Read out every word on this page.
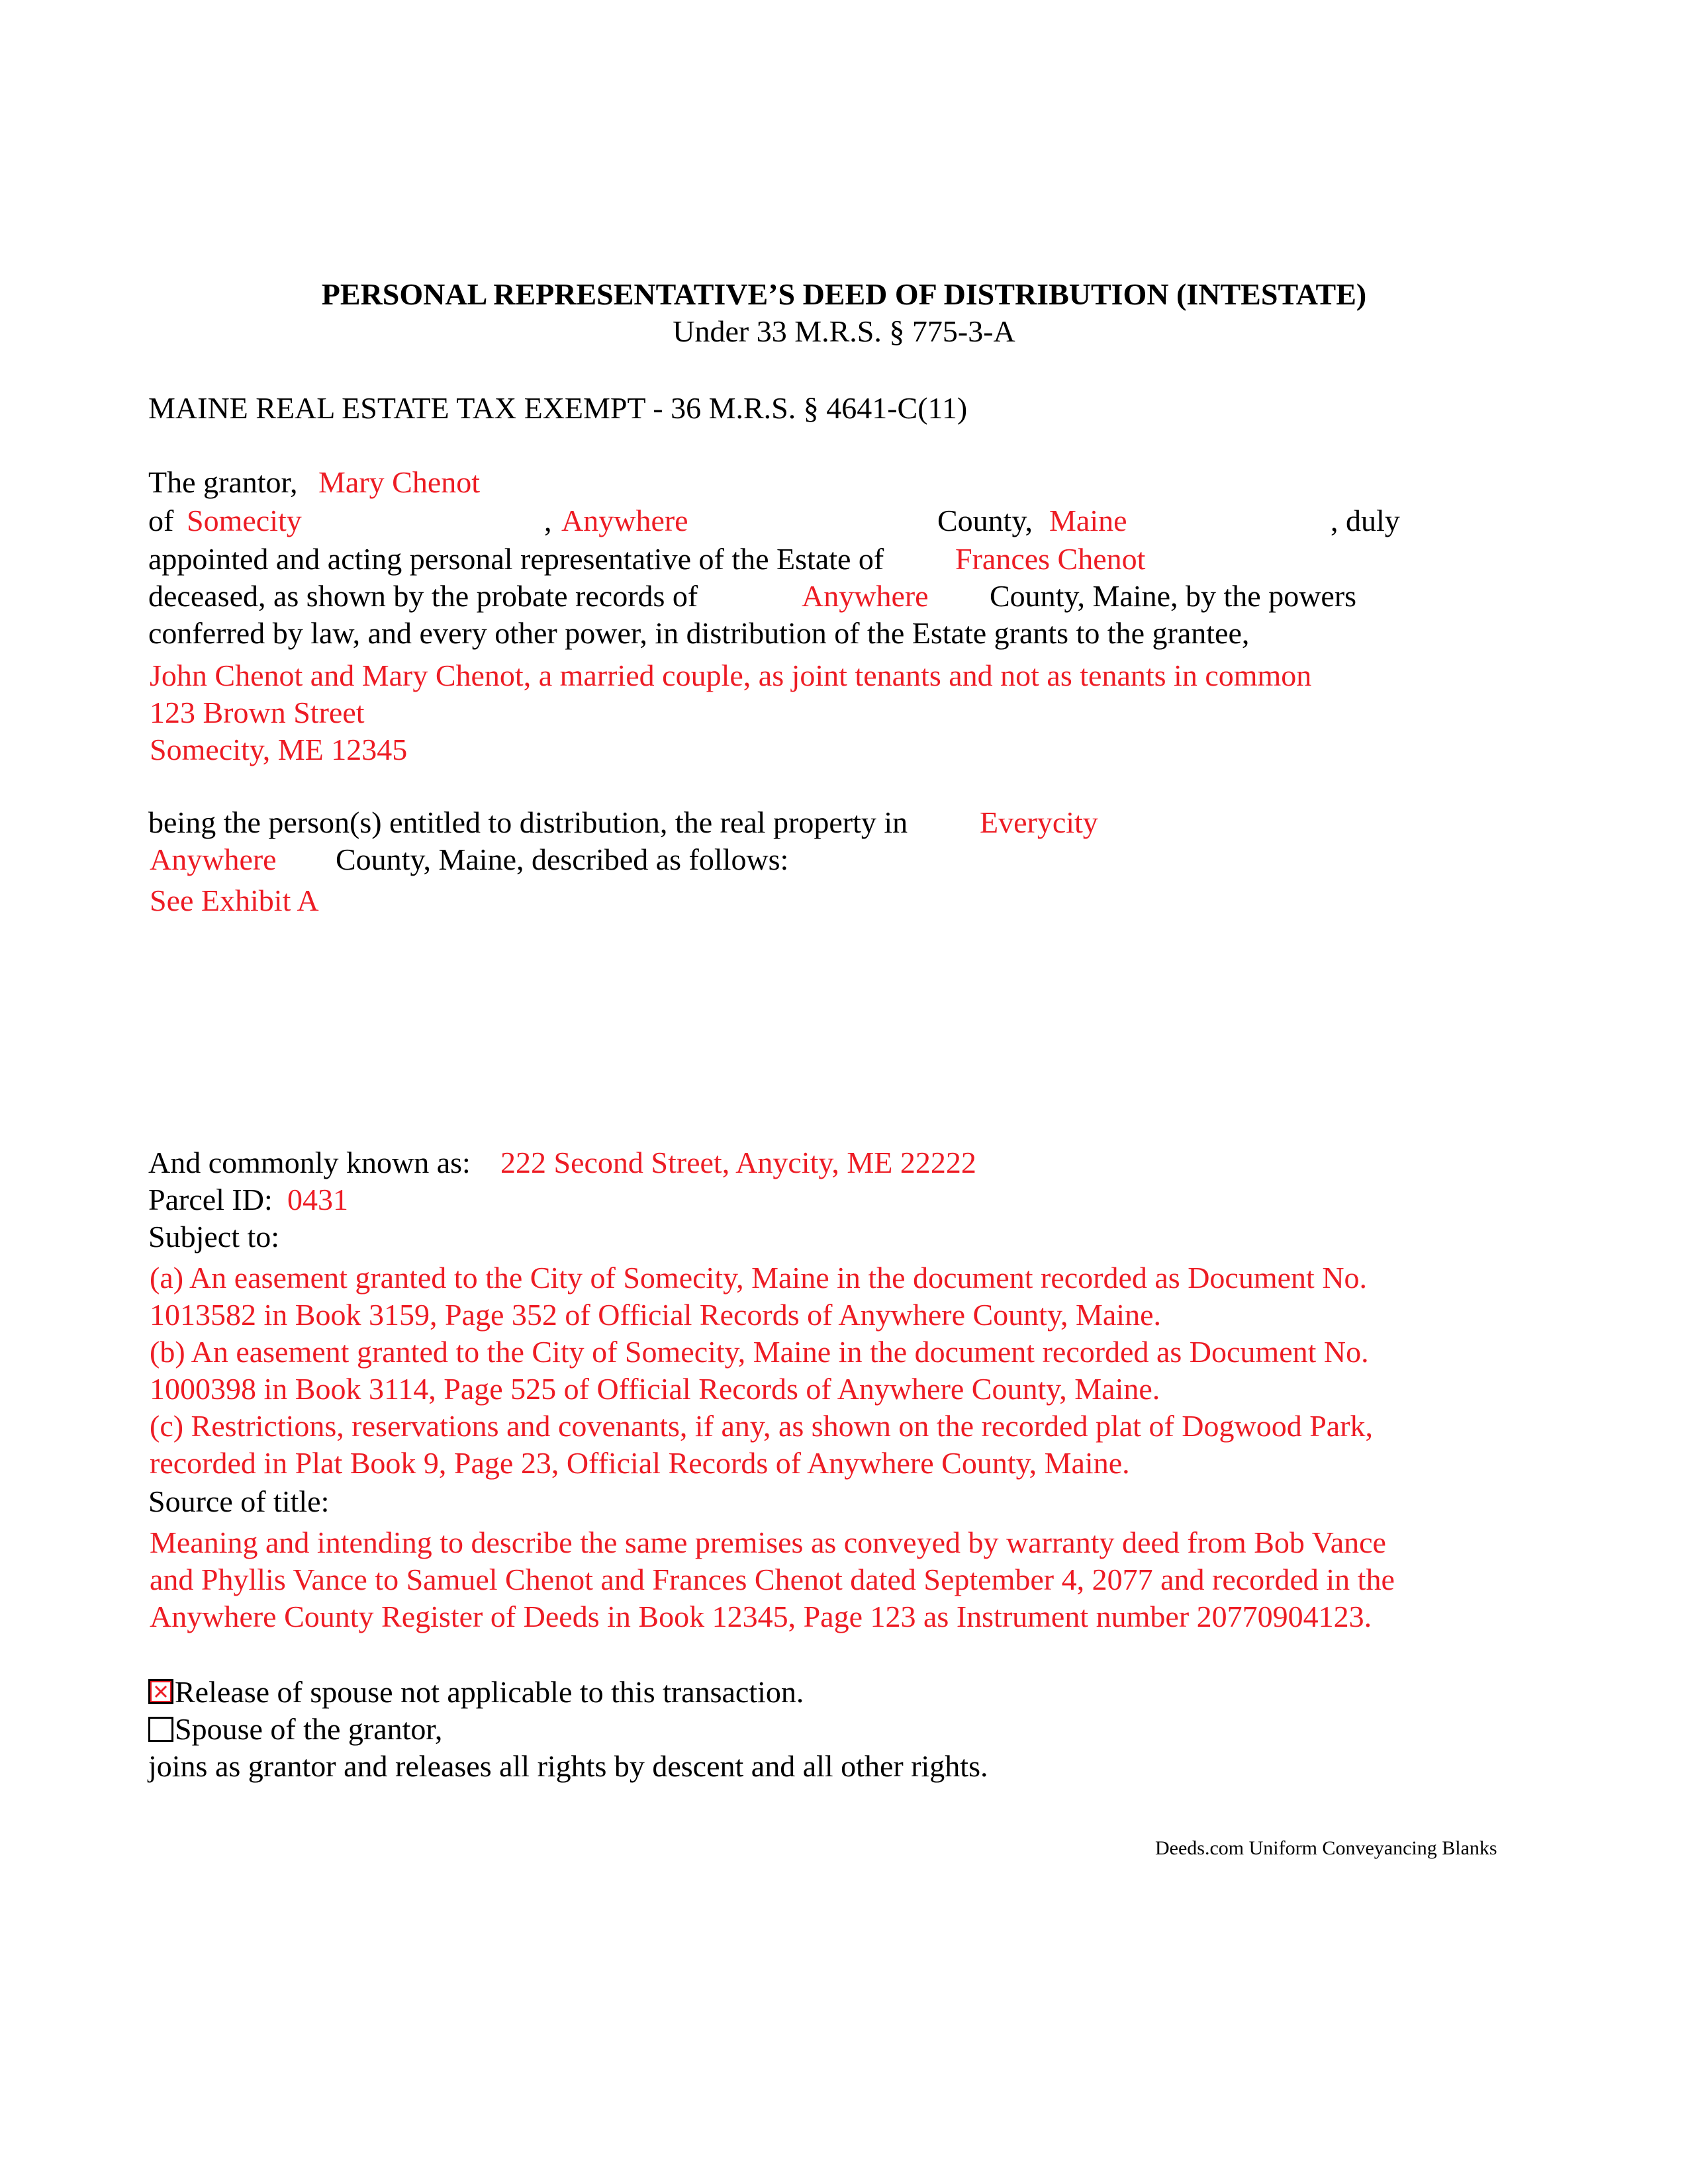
PERSONAL REPRESENTATIVE’S DEED OF DISTRIBUTION (INTESTATE)
Under 33 M.R.S. § 775-3-A
MAINE REAL ESTATE TAX EXEMPT - 36 M.R.S. § 4641-C(11)
The grantor, Mary Chenot
of Somecity	, Anywhere	County, Maine	, duly
appointed and acting personal representative of the Estate of Frances Chenot
deceased, as shown by the probate records of	Anywhere County, Maine, by the powers
conferred by law, and every other power, in distribution of the Estate grants to the grantee,
John Chenot and Mary Chenot, a married couple, as joint tenants and not as tenants in common
123 Brown Street
Somecity, ME 12345
being the person(s) entitled to distribution, the real property in Everycity
Anywhere County, Maine, described as follows:
See Exhibit A
And commonly known as: 222 Second Street, Anycity, ME 22222
Parcel ID: 0431
Subject to:
(a) An easement granted to the City of Somecity, Maine in the document recorded as Document No.
1013582 in Book 3159, Page 352 of Official Records of Anywhere County, Maine.
(b) An easement granted to the City of Somecity, Maine in the document recorded as Document No.
1000398 in Book 3114, Page 525 of Official Records of Anywhere County, Maine.
(c) Restrictions, reservations and covenants, if any, as shown on the recorded plat of Dogwood Park,
recorded in Plat Book 9, Page 23, Official Records of Anywhere County, Maine.
Source of title:
Meaning and intending to describe the same premises as conveyed by warranty deed from Bob Vance
and Phyllis Vance to Samuel Chenot and Frances Chenot dated September 4, 2077 and recorded in the
Anywhere County Register of Deeds in Book 12345, Page 123 as Instrument number 20770904123.
Release of spouse not applicable to this transaction.
Spouse of the grantor,
joins as grantor and releases all rights by descent and all other rights.
Deeds.com Uniform Conveyancing Blanks
